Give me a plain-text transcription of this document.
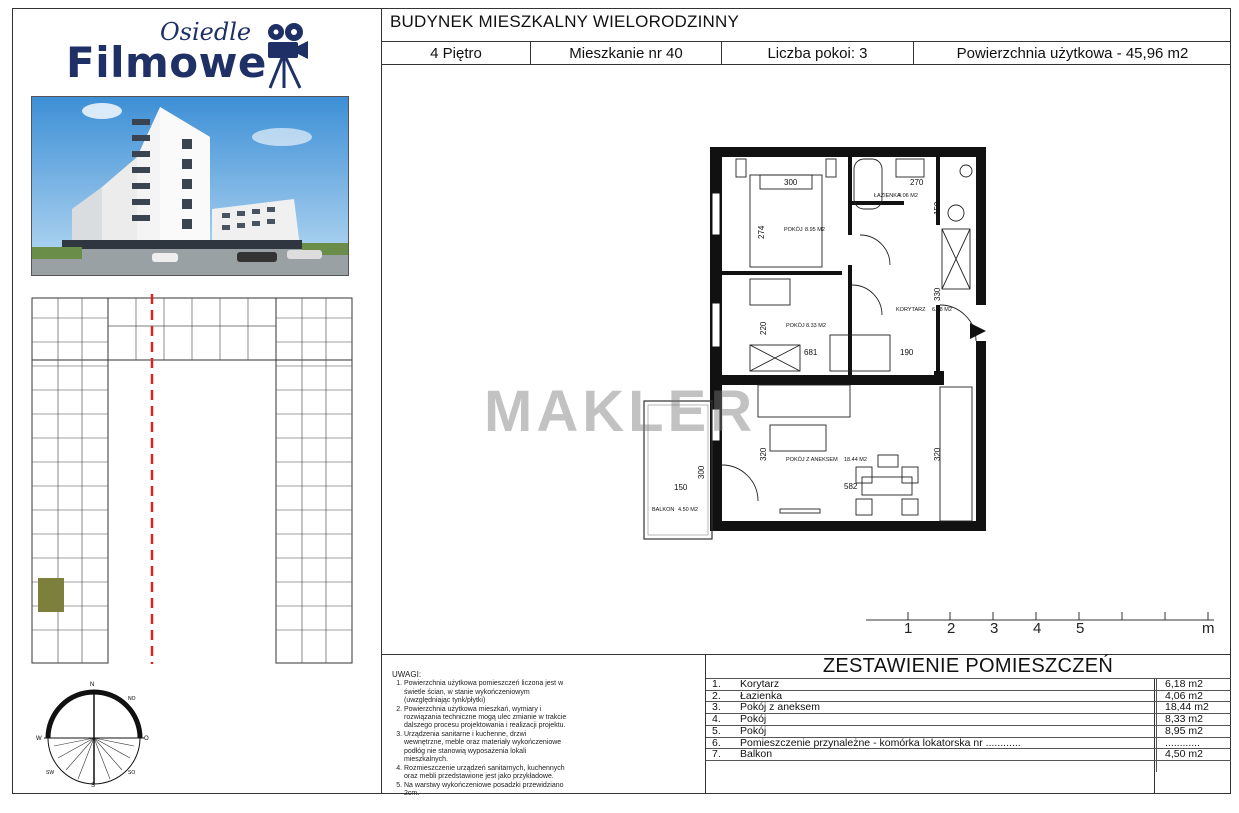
BUDYNEK MIESZKALNY WIELORODZINNY
4 Piętro	Mieszkanie nr 40	Liczba pokoi: 3	Powierzchnia użytkowa - 45,96 m2
Osiedle
Filmowe
N
NO
O
SO
S
SW
W
ŁAZIENKA
4.06 M2
POKÓJ 8.95 M2
POKÓJ 8.33 M2
KORYTARZ 6.18 M2
POKÓJ Z ANEKSEM 18.44 M2
BALKON 4.50 M2
300	270
274
159
220
330
681	190
320	320
582
300
150
MAKLER
1 2 3 4 5	m
UWAGI:
1. Powierzchnia użytkowa pomieszczeń liczona jest w świetle ścian, w stanie wykończeniowym (uwzględniając tynk/płytki)
2. Powierzchnia użytkowa mieszkań, wymiary i rozwiązania techniczne mogą ulec zmianie w trakcie dalszego procesu projektowania i realizacji projektu.
3. Urządzenia sanitarne i kuchenne, drzwi wewnętrzne, meble oraz materiały wykończeniowe podłóg nie stanowią wyposażenia lokali mieszkalnych.
4. Rozmieszczenie urządzeń sanitarnych, kuchennych oraz mebli przedstawione jest jako przykładowe.
5. Na warstwy wykończeniowe posadzki przewidziano 2cm.
ZESTAWIENIE POMIESZCZEŃ
1.	Korytarz	6,18 m2
2.	Łazienka	4,06 m2
3.	Pokój z aneksem	18,44 m2
4.	Pokój	8,33 m2
5.	Pokój	8,95 m2
6.	Pomieszczenie przynależne - komórka lokatorska nr ............	............
7.	Balkon	4,50 m2
